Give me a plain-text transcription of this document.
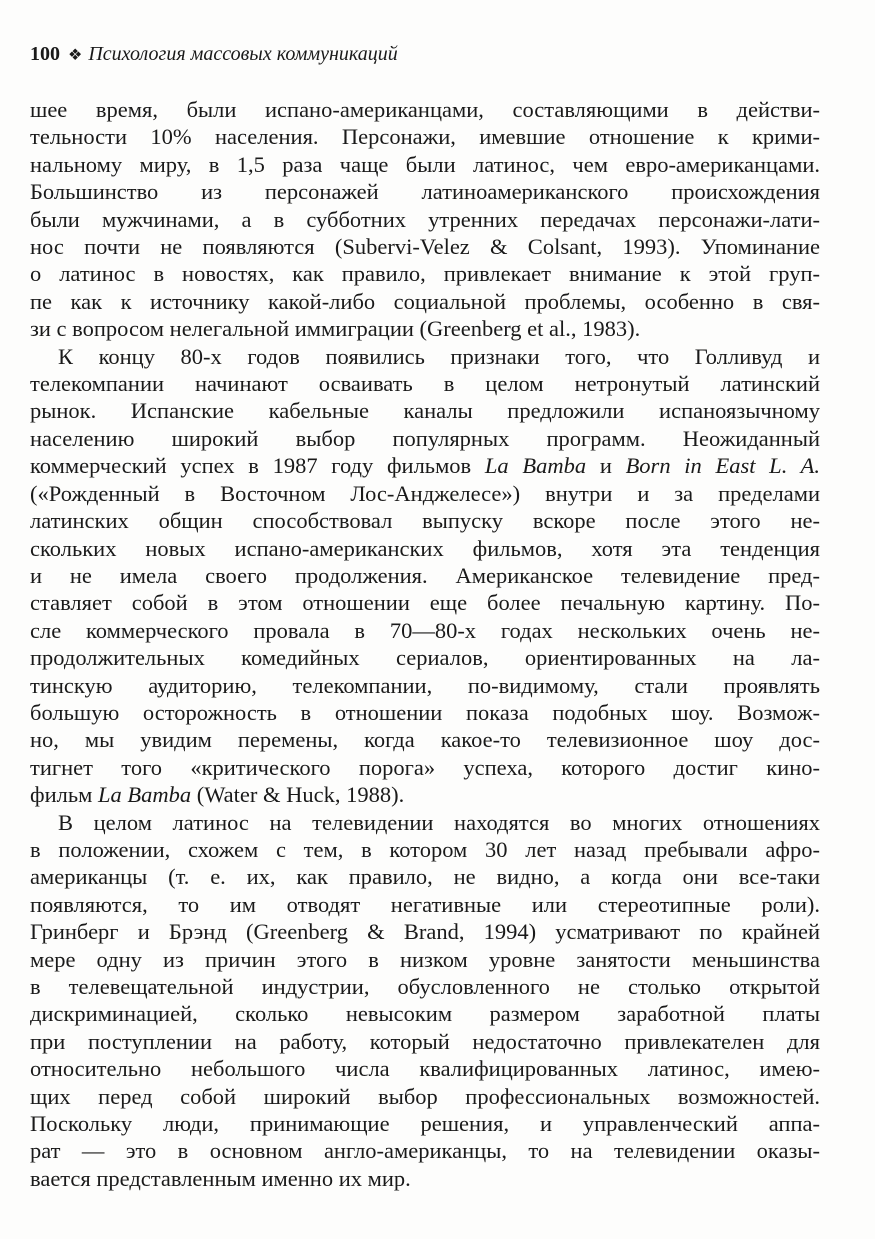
100 ❖ Психология массовых коммуникаций
шее время, были испано-американцами, составляющими в действи-
тельности 10% населения. Персонажи, имевшие отношение к крими-
нальному миру, в 1,5 раза чаще были латинос, чем евро-американцами.
Большинство из персонажей латиноамериканского происхождения
были мужчинами, а в субботних утренних передачах персонажи-лати-
нос почти не появляются (Subervi-Velez & Colsant, 1993). Упоминание
о латинос в новостях, как правило, привлекает внимание к этой груп-
пе как к источнику какой-либо социальной проблемы, особенно в свя-
зи с вопросом нелегальной иммиграции (Greenberg et al., 1983).
К концу 80-х годов появились признаки того, что Голливуд и
телекомпании начинают осваивать в целом нетронутый латинский
рынок. Испанские кабельные каналы предложили испаноязычному
населению широкий выбор популярных программ. Неожиданный
коммерческий успех в 1987 году фильмов La Bamba и Born in East L. A.
(«Рожденный в Восточном Лос-Анджелесе») внутри и за пределами
латинских общин способствовал выпуску вскоре после этого не-
скольких новых испано-американских фильмов, хотя эта тенденция
и не имела своего продолжения. Американское телевидение пред-
ставляет собой в этом отношении еще более печальную картину. По-
сле коммерческого провала в 70—80-х годах нескольких очень не-
продолжительных комедийных сериалов, ориентированных на ла-
тинскую аудиторию, телекомпании, по-видимому, стали проявлять
большую осторожность в отношении показа подобных шоу. Возмож-
но, мы увидим перемены, когда какое-то телевизионное шоу дос-
тигнет того «критического порога» успеха, которого достиг кино-
фильм La Bamba (Water & Huck, 1988).
В целом латинос на телевидении находятся во многих отношениях
в положении, схожем с тем, в котором 30 лет назад пребывали афро-
американцы (т. е. их, как правило, не видно, а когда они все-таки
появляются, то им отводят негативные или стереотипные роли).
Гринберг и Брэнд (Greenberg & Brand, 1994) усматривают по крайней
мере одну из причин этого в низком уровне занятости меньшинства
в телевещательной индустрии, обусловленного не столько открытой
дискриминацией, сколько невысоким размером заработной платы
при поступлении на работу, который недостаточно привлекателен для
относительно небольшого числа квалифицированных латинос, имею-
щих перед собой широкий выбор профессиональных возможностей.
Поскольку люди, принимающие решения, и управленческий аппа-
рат — это в основном англо-американцы, то на телевидении оказы-
вается представленным именно их мир.
